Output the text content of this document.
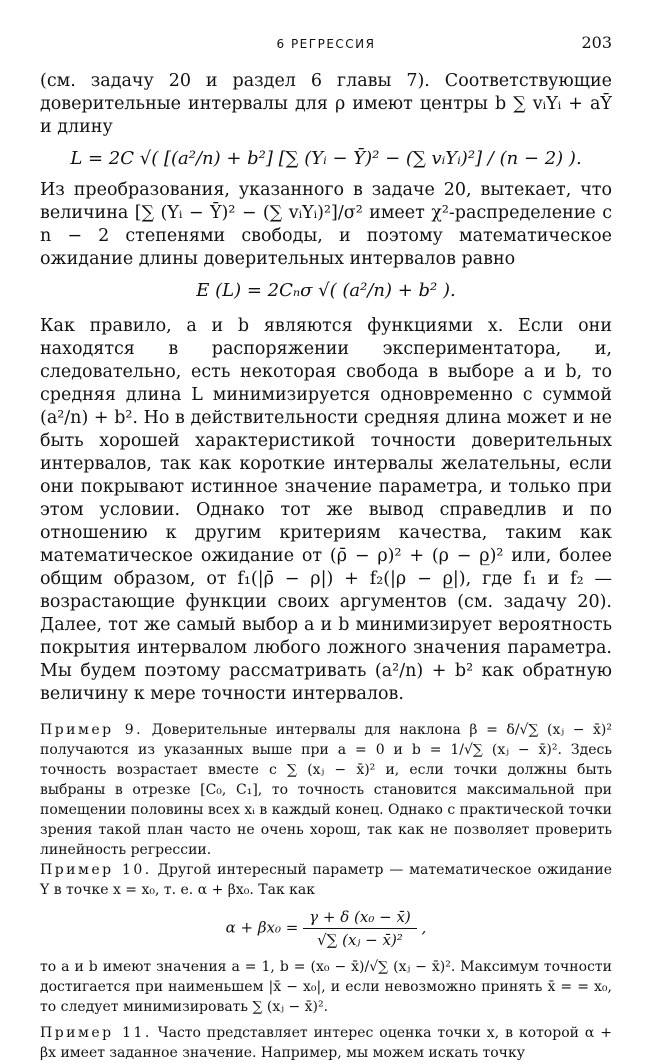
6 РЕГРЕССИЯ	203

(см. задачу 20 и раздел 6 главы 7). Соответствующие доверительные интервалы для ρ имеют центры b ∑ vᵢYᵢ + aȲ и длину

L = 2C √( [(a²/n) + b²] [∑ (Yᵢ − Ȳ)² − (∑ vᵢYᵢ)²] / (n − 2) ).

Из преобразования, указанного в задаче 20, вытекает, что величина [∑ (Yᵢ − Ȳ)² − (∑ vᵢYᵢ)²]/σ² имеет χ²-распределение с n − 2 степенями свободы, и поэтому математическое ожидание длины доверительных интервалов равно

E (L) = 2Cₙσ √( (a²/n) + b² ).

Как правило, a и b являются функциями x. Если они находятся в распоряжении экспериментатора, и, следовательно, есть некоторая свобода в выборе a и b, то средняя длина L минимизируется одновременно с суммой (a²/n) + b². Но в действительности средняя длина может и не быть хорошей характеристикой точности доверительных интервалов, так как короткие интервалы желательны, если они покрывают истинное значение параметра, и только при этом условии. Однако тот же вывод справедлив и по отношению к другим критериям качества, таким как математическое ожидание от (ρ̄ − ρ)² + (ρ − ρ̲)² или, более общим образом, от f₁(|ρ̄ − ρ|) + f₂(|ρ − ρ̲|), где f₁ и f₂ — возрастающие функции своих аргументов (см. задачу 20). Далее, тот же самый выбор a и b минимизирует вероятность покрытия интервалом любого ложного значения параметра. Мы будем поэтому рассматривать (a²/n) + b² как обратную величину к мере точности интервалов.

Пример 9. Доверительные интервалы для наклона β = δ/√∑ (xⱼ − x̄)² получаются из указанных выше при a = 0 и b = 1/√∑ (xⱼ − x̄)². Здесь точность возрастает вместе с ∑ (xⱼ − x̄)² и, если точки должны быть выбраны в отрезке [C₀, C₁], то точность становится максимальной при помещении половины всех xᵢ в каждый конец. Однако с практической точки зрения такой план часто не очень хорош, так как не позволяет проверить линейность регрессии.

Пример 10. Другой интересный параметр — математическое ожидание Y в точке x = x₀, т. е. α + βx₀. Так как

$\alpha + \beta x_0 = \frac{\text{γ + δ (x₀ − x̄)}}{\text{√∑ (xⱼ − x̄)²}}$ ,

то a и b имеют значения a = 1, b = (x₀ − x̄)/√∑ (xⱼ − x̄)². Максимум точности достигается при наименьшем |x̄ − x₀|, и если невозможно принять x̄ = = x₀, то следует минимизировать ∑ (xⱼ − x̄)².

Пример 11. Часто представляет интерес оценка точки x, в которой α + βx имеет заданное значение. Например, мы можем искать точку
